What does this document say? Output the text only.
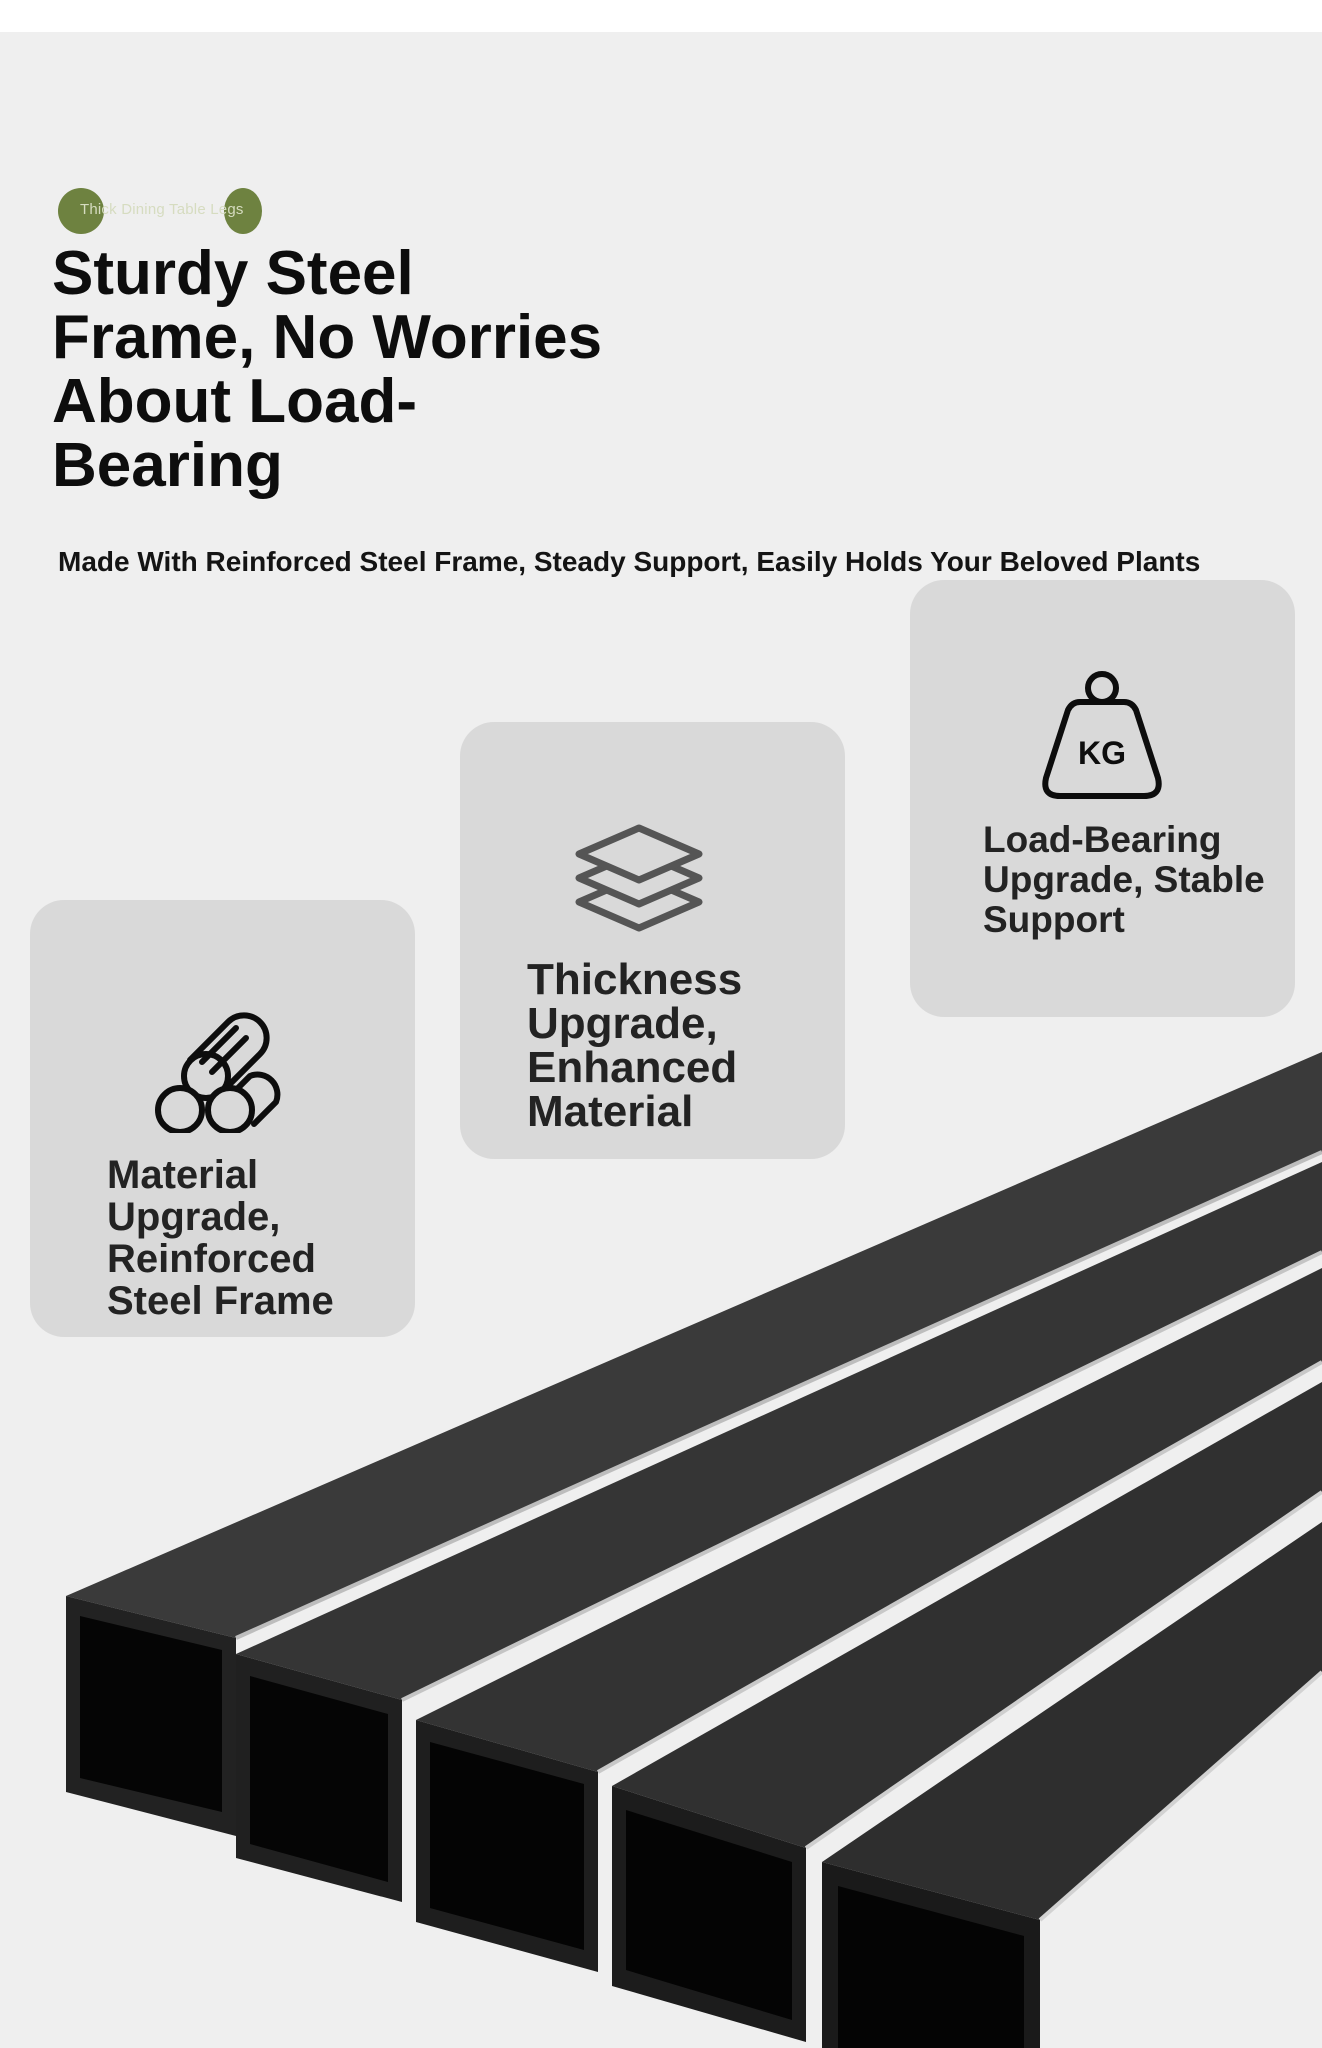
Thick Dining Table Legs
Sturdy Steel Frame, No Worries About Load-Bearing
Made With Reinforced Steel Frame, Steady Support, Easily Holds Your Beloved Plants

Material Upgrade, Reinforced Steel Frame

Thickness Upgrade, Enhanced Material

KG

Load-Bearing Upgrade, Stable Support
